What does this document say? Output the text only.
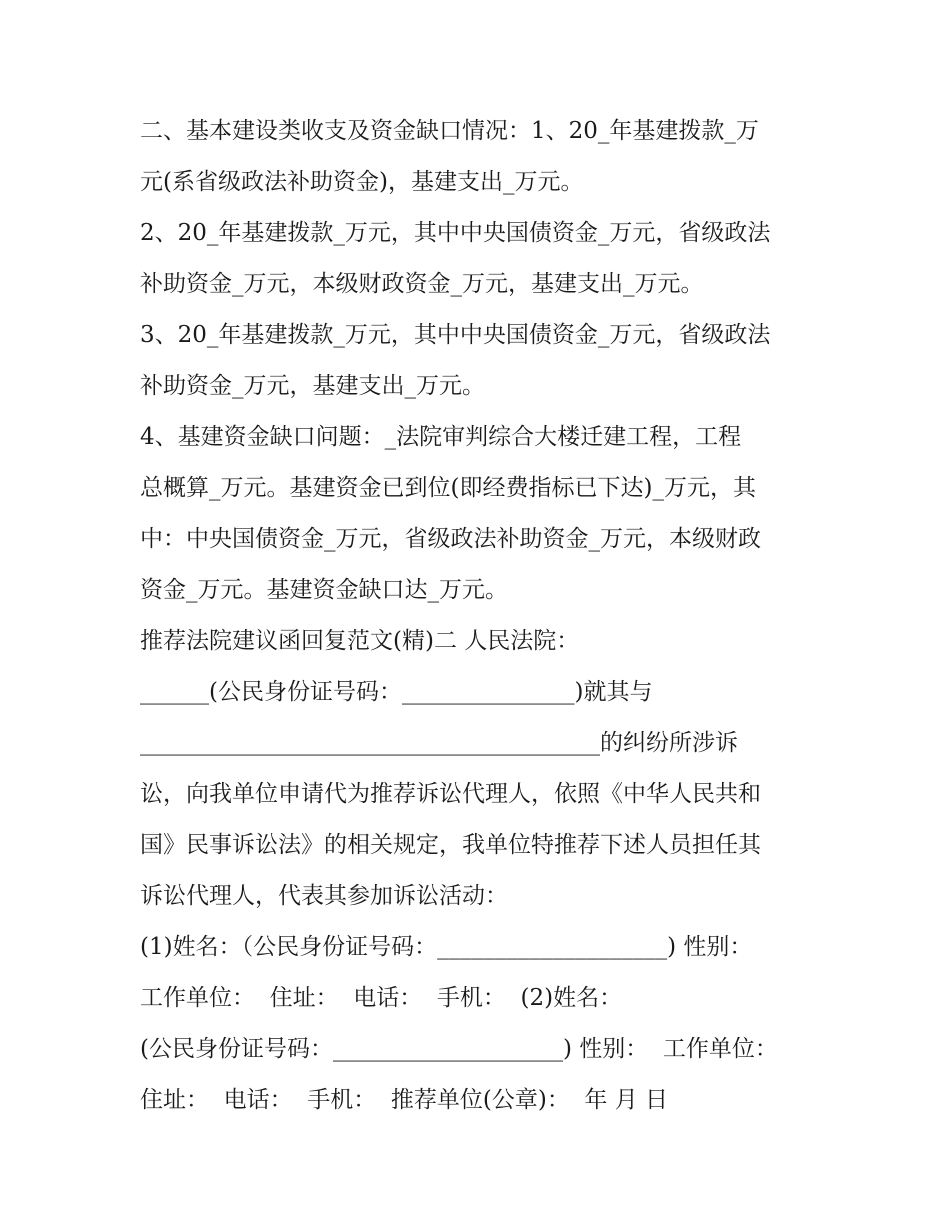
二、基本建设类收支及资金缺口情况：1、20_年基建拨款_万
元(系省级政法补助资金)，基建支出_万元。
2、20_年基建拨款_万元，其中中央国债资金_万元，省级政法
补助资金_万元，本级财政资金_万元，基建支出_万元。
3、20_年基建拨款_万元，其中中央国债资金_万元，省级政法
补助资金_万元，基建支出_万元。
4、基建资金缺口问题：_法院审判综合大楼迁建工程，工程
总概算_万元。基建资金已到位(即经费指标已下达)_万元，其
中：中央国债资金_万元，省级政法补助资金_万元，本级财政
资金_万元。基建资金缺口达_万元。
推荐法院建议函回复范文(精)二 人民法院：
______(公民身份证号码：_______________)就其与
________________________________________的纠纷所涉诉
讼，向我单位申请代为推荐诉讼代理人，依照《中华人民共和
国》民事诉讼法》的相关规定，我单位特推荐下述人员担任其
诉讼代理人，代表其参加诉讼活动：
(1)姓名：（公民身份证号码：____________________) 性别：
工作单位：  住址：  电话：  手机：  (2)姓名：
(公民身份证号码：____________________) 性别：  工作单位：
住址：  电话：  手机：  推荐单位(公章)：  年 月 日
